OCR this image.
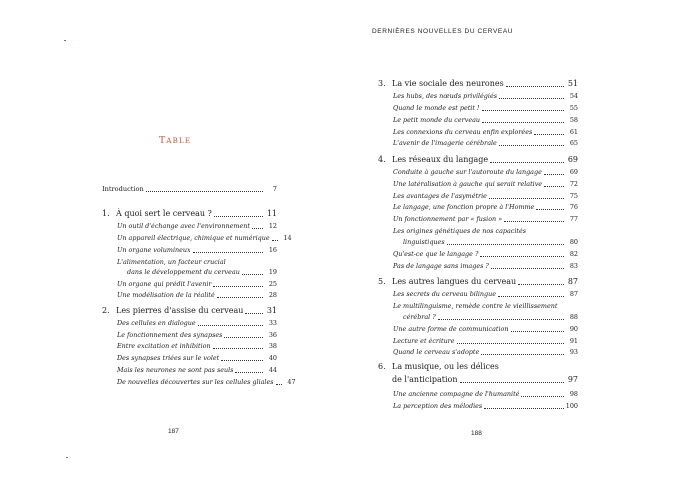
Table
Introduction	7
1. À quoi sert le cerveau ?	11
Un outil d'échange avec l'environnement	12
Un appareil électrique, chimique et numérique	14
Un organe volumineux	16
L'alimentation, un facteur crucial
dans le développement du cerveau	19
Un organe qui prédit l'avenir	25
Une modélisation de la réalité	28
2. Les pierres d'assise du cerveau	31
Des cellules en dialogue	33
Le fonctionnement des synapses	36
Entre excitation et inhibition	38
Des synapses triées sur le volet	40
Mais les neurones ne sont pas seuls	44
De nouvelles découvertes sur les cellules gliales	47
187
DERNIÈRES NOUVELLES DU CERVEAU
3. La vie sociale des neurones	51
Les hubs, des nœuds privilégiés	54
Quand le monde est petit !	55
Le petit monde du cerveau	58
Les connexions du cerveau enfin explorées	61
L'avenir de l'imagerie cérébrale	65
4. Les réseaux du langage	69
Conduite à gauche sur l'autoroute du langage	69
Une latéralisation à gauche qui serait relative	72
Les avantages de l'asymétrie	75
Le langage, une fonction propre à l'Homme	76
Un fonctionnement par « fusion »	77
Les origines génétiques de nos capacités
linguistiques	80
Qu'est-ce que le langage ?	82
Pas de langage sans images ?	83
5. Les autres langues du cerveau	87
Les secrets du cerveau bilingue	87
Le multilinguisme, remède contre le vieillissement
cérébral ?	88
Une autre forme de communication	90
Lecture et écriture	91
Quand le cerveau s'adopte	93
6. La musique, ou les délices
de l'anticipation	97
Une ancienne compagne de l'humanité	98
La perception des mélodies	100
188
